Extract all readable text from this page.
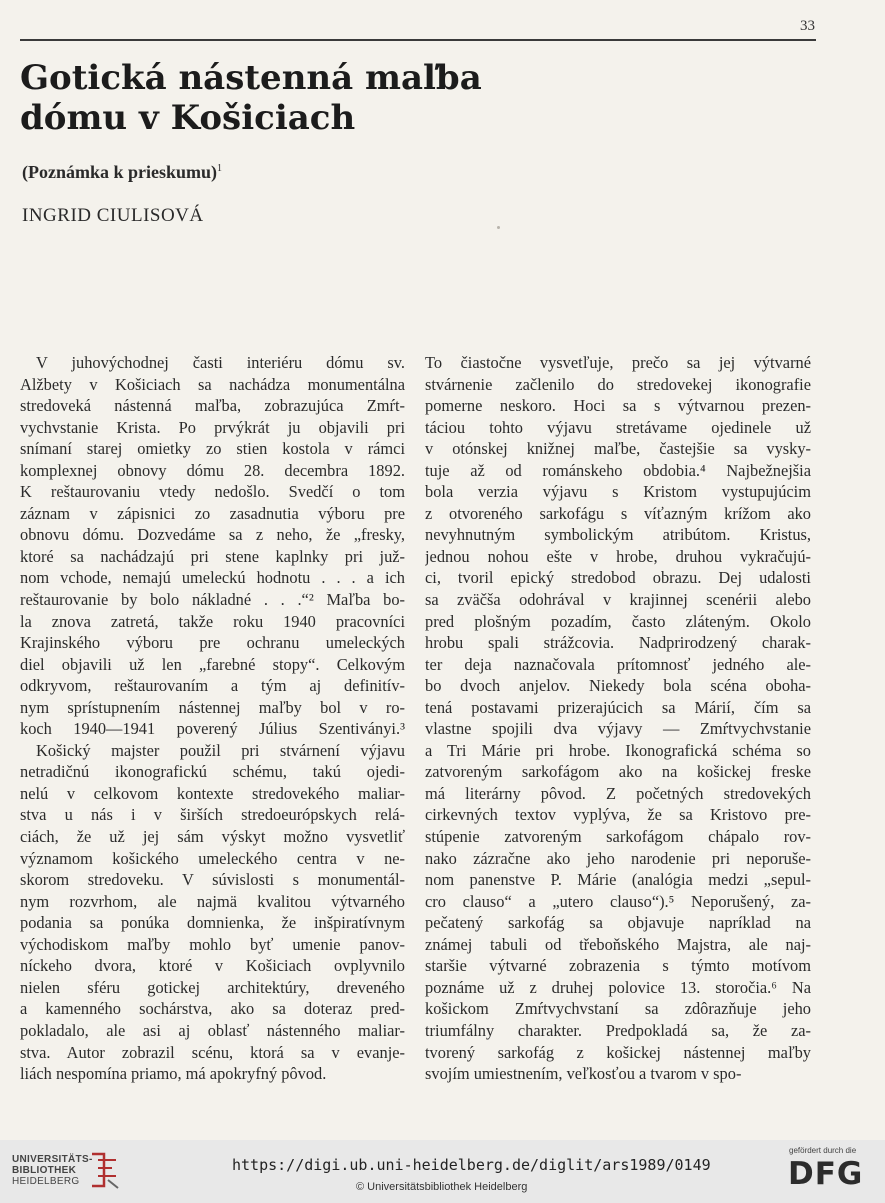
33
Gotická nástenná maľba
dómu v Košiciach
(Poznámka k prieskumu)$^1$
INGRID CIULISOVÁ
V juhovýchodnej časti interiéru dómu sv.
Alžbety v Košiciach sa nachádza monumentálna
stredoveká nástenná maľba, zobrazujúca Zmŕt-
vychvstanie Krista. Po prvýkrát ju objavili pri
snímaní starej omietky zo stien kostola v rámci
komplexnej obnovy dómu 28. decembra 1892.
K reštaurovaniu vtedy nedošlo. Svedčí o tom
záznam v zápisnici zo zasadnutia výboru pre
obnovu dómu. Dozvedáme sa z neho, že „fresky,
ktoré sa nachádzajú pri stene kaplnky pri juž-
nom vchode, nemajú umeleckú hodnotu . . . a ich
reštaurovanie by bolo nákladné . . .“² Maľba bo-
la znova zatretá, takže roku 1940 pracovníci
Krajinského výboru pre ochranu umeleckých
diel objavili už len „farebné stopy“. Celkovým
odkryvom, reštaurovaním a tým aj definitív-
nym sprístupnením nástennej maľby bol v ro-
koch 1940—1941 poverený Július Szentiványi.³
Košický majster použil pri stvárnení výjavu
netradičnú ikonografickú schému, takú ojedi-
nelú v celkovom kontexte stredovekého maliar-
stva u nás i v širších stredoeurópskych relá-
ciách, že už jej sám výskyt možno vysvetliť
významom košického umeleckého centra v ne-
skorom stredoveku. V súvislosti s monumentál-
nym rozvrhom, ale najmä kvalitou výtvarného
podania sa ponúka domnienka, že inšpiratívnym
východiskom maľby mohlo byť umenie panov-
níckeho dvora, ktoré v Košiciach ovplyvnilo
nielen sféru gotickej architektúry, dreveného
a kamenného sochárstva, ako sa doteraz pred-
pokladalo, ale asi aj oblasť nástenného maliar-
stva. Autor zobrazil scénu, ktorá sa v evanje-
liách nespomína priamo, má apokryfný pôvod.
To čiastočne vysvetľuje, prečo sa jej výtvarné
stvárnenie začlenilo do stredovekej ikonografie
pomerne neskoro. Hoci sa s výtvarnou prezen-
táciou tohto výjavu stretávame ojedinele už
v otónskej knižnej maľbe, častejšie sa vysky-
tuje až od románskeho obdobia.⁴ Najbežnejšia
bola verzia výjavu s Kristom vystupujúcim
z otvoreného sarkofágu s víťazným krížom ako
nevyhnutným symbolickým atribútom. Kristus,
jednou nohou ešte v hrobe, druhou vykračujú-
ci, tvoril epický stredobod obrazu. Dej udalosti
sa zväčša odohrával v krajinnej scenérii alebo
pred plošným pozadím, často zláteným. Okolo
hrobu spali strážcovia. Nadprirodzený charak-
ter deja naznačovala prítomnosť jedného ale-
bo dvoch anjelov. Niekedy bola scéna oboha-
tená postavami prizerajúcich sa Márií, čím sa
vlastne spojili dva výjavy — Zmŕtvychvstanie
a Tri Márie pri hrobe. Ikonografická schéma so
zatvoreným sarkofágom ako na košickej freske
má literárny pôvod. Z početných stredovekých
cirkevných textov vyplýva, že sa Kristovo pre-
stúpenie zatvoreným sarkofágom chápalo rov-
nako zázračne ako jeho narodenie pri neporuše-
nom panenstve P. Márie (analógia medzi „sepul-
cro clauso“ a „utero clauso“).⁵ Neporušený, za-
pečatený sarkofág sa objavuje napríklad na
známej tabuli od třeboňského Majstra, ale naj-
staršie výtvarné zobrazenia s týmto motívom
poznáme už z druhej polovice 13. storočia.⁶ Na
košickom Zmŕtvychvstaní sa zdôrazňuje jeho
triumfálny charakter. Predpokladá sa, že za-
tvorený sarkofág z košickej nástennej maľby
svojím umiestnením, veľkosťou a tvarom v spo-
UNIVERSITÄTS-
BIBLIOTHEK
HEIDELBERG
https://digi.ub.uni-heidelberg.de/diglit/ars1989/0149
© Universitätsbibliothek Heidelberg
gefördert durch die
DFG
